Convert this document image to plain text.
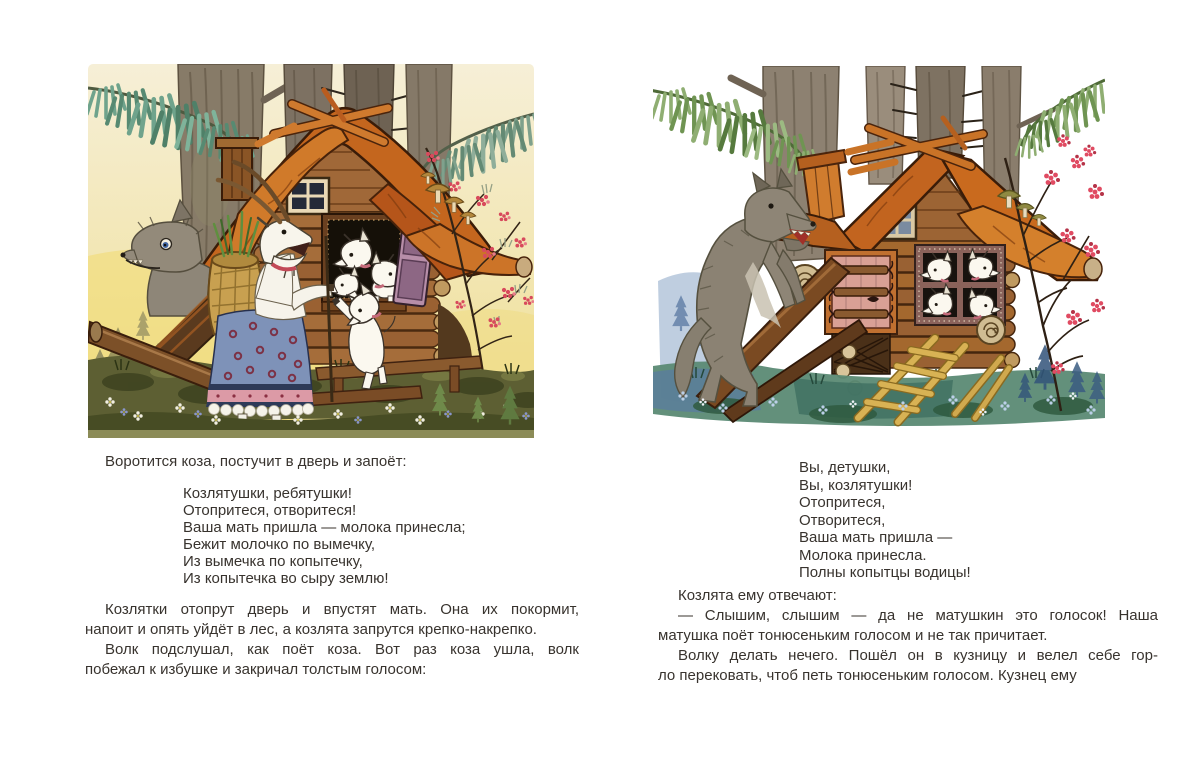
Воротится коза, постучит в дверь и запоёт:

Козлятушки, ребятушки!
Отопритеся, отворитеся!
Ваша мать пришла — молока принесла;
Бежит молочко по вымечку,
Из вымечка по копытечку,
Из копытечка во сыру землю!
Козлятки отопрут дверь и впустят мать. Она их покормит,
напоит и опять уйдёт в лес, а козлята запрутся крепко-накрепко.
Волк подслушал, как поёт коза. Вот раз коза ушла, волк
побежал к избушке и закричал толстым голосом:
Вы, детушки,
Вы, козлятушки!
Отопритеся,
Отворитеся,
Ваша мать пришла —
Молока принесла.
Полны копытцы водицы!
Козлята ему отвечают:
— Слышим, слышим — да не матушкин это голосок! Наша
матушка поёт тонюсеньким голосом и не так причитает.
Волку делать нечего. Пошёл он в кузницу и велел себе гор-
ло перековать, чтоб петь тонюсеньким голосом. Кузнец ему
